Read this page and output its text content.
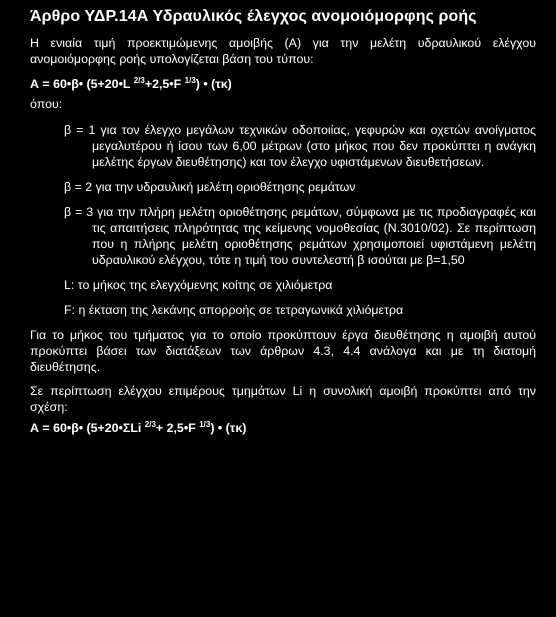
Άρθρο ΥΔΡ.14Α Υδραυλικός έλεγχος ανομοιόμορφης ροής

Η ενιαία τιμή προεκτιμώμενης αμοιβής (Α) για την μελέτη υδραυλικού ελέγχου ανομοιόμορφης ροής υπολογίζεται βάση του τύπου:

Α = 60•β• (5+20•L $^{2/3}$+2,5•F $^{1/3}$) • (τκ)

όπου:

β = 1 για τον έλεγχο μεγάλων τεχνικών οδοποιίας, γεφυρών και οχετών ανοίγματος μεγαλυτέρου ή ίσου των 6,00 μέτρων (στο μήκος που δεν προκύπτει η ανάγκη μελέτης έργων διευθέτησης) και τον έλεγχο υφιστάμενων διευθετήσεων.

β = 2 για την υδραυλική μελέτη οριοθέτησης ρεμάτων

β = 3 για την πλήρη μελέτη οριοθέτησης ρεμάτων, σύμφωνα με τις προδιαγραφές και τις απαιτήσεις πληρότητας της κείμενης νομοθεσίας (Ν.3010/02). Σε περίπτωση που η πλήρης μελέτη οριοθέτησης ρεμάτων χρησιμοποιεί υφιστάμενη μελέτη υδραυλικού ελέγχου, τότε η τιμή του συντελεστή β ισούται με β=1,50

L: το μήκος της ελεγχόμενης κοίτης σε χιλιόμετρα

F: η έκταση της λεκάνης απορροής σε τετραγωνικά χιλιόμετρα

Για το μήκος του τμήματος για το οποίο προκύπτουν έργα διευθέτησης η αμοιβή αυτού προκύπτει βάσει των διατάξεων των άρθρων 4.3, 4.4 ανάλογα και με τη διατομή διευθέτησης.

Σε περίπτωση ελέγχου επιμέρους τμημάτων Li η συνολική αμοιβή προκύπτει από την σχέση:

Α = 60•β• (5+20•ΣLi $^{2/3}$+ 2,5•F $^{1/3}$) • (τκ)
